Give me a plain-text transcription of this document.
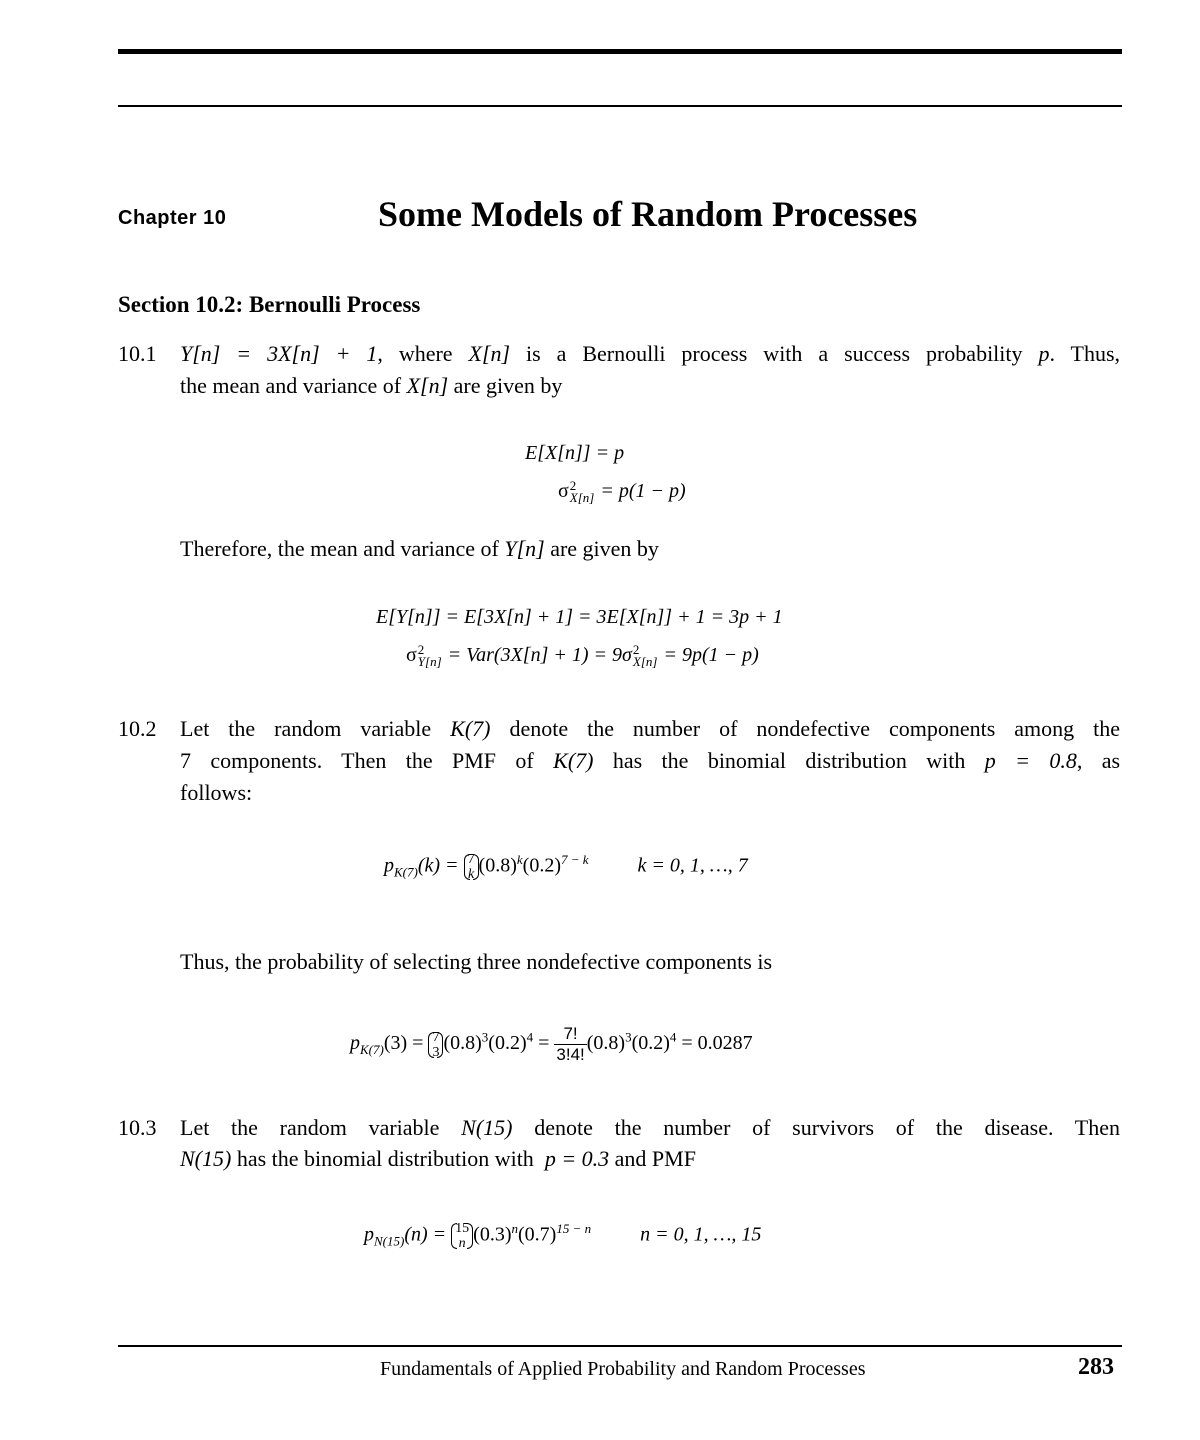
Chapter 10	Some Models of Random Processes
Section 10.2: Bernoulli Process
10.1 Y[n] = 3X[n] + 1, where X[n] is a Bernoulli process with a success probability p. Thus,
the mean and variance of X[n] are given by
E[X[n]] = p
σ 2
X[n] = p(1 − p)
Therefore, the mean and variance of Y[n] are given by
E[Y[n]] = E[3X[n] + 1] = 3E[X[n]] + 1 = 3p + 1
σ 2
Y[n] = Var(3X[n] + 1) = 9σ 2
X[n] = 9p(1 − p)
10.2 Let the random variable K(7) denote the number of nondefective components among the
7 components. Then the PMF of K(7) has the binomial distribution with p = 0.8, as
follows:
$p_{K(7)}(k) = 7$
k $(0.8)^k(0.2)^{7 - k}$ k = 0, 1, …, 7
Thus, the probability of selecting three nondefective components is
$p_{K(7)}(3) = 7$
3 $(0.8)^3(0.2)^4 = \frac{7!}{3!4!} (0.8)^3(0.2)^4 = 0.0287$
10.3 Let the random variable N(15) denote the number of survivors of the disease. Then
N(15) has the binomial distribution with p = 0.3 and PMF
$p_{N(15)}(n) = 15$
n $(0.3)^n(0.7)^{15 - n}$ n = 0, 1, …, 15
Fundamentals of Applied Probability and Random Processes	283
